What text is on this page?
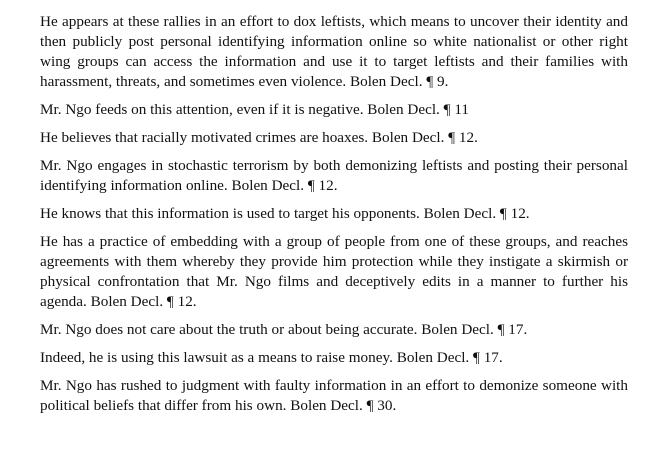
He appears at these rallies in an effort to dox leftists, which means to uncover their identity and then publicly post personal identifying information online so white nationalist or other right wing groups can access the information and use it to target leftists and their families with harassment, threats, and sometimes even violence. Bolen Decl. ¶ 9.

Mr. Ngo feeds on this attention, even if it is negative. Bolen Decl. ¶ 11

He believes that racially motivated crimes are hoaxes. Bolen Decl. ¶ 12.

Mr. Ngo engages in stochastic terrorism by both demonizing leftists and posting their personal identifying information online. Bolen Decl. ¶ 12.

He knows that this information is used to target his opponents. Bolen Decl. ¶ 12.

He has a practice of embedding with a group of people from one of these groups, and reaches agreements with them whereby they provide him protection while they instigate a skirmish or physical confrontation that Mr. Ngo films and deceptively edits in a manner to further his agenda. Bolen Decl. ¶ 12.

Mr. Ngo does not care about the truth or about being accurate. Bolen Decl. ¶ 17.

Indeed, he is using this lawsuit as a means to raise money. Bolen Decl. ¶ 17.

Mr. Ngo has rushed to judgment with faulty information in an effort to demonize someone with political beliefs that differ from his own. Bolen Decl. ¶ 30.
